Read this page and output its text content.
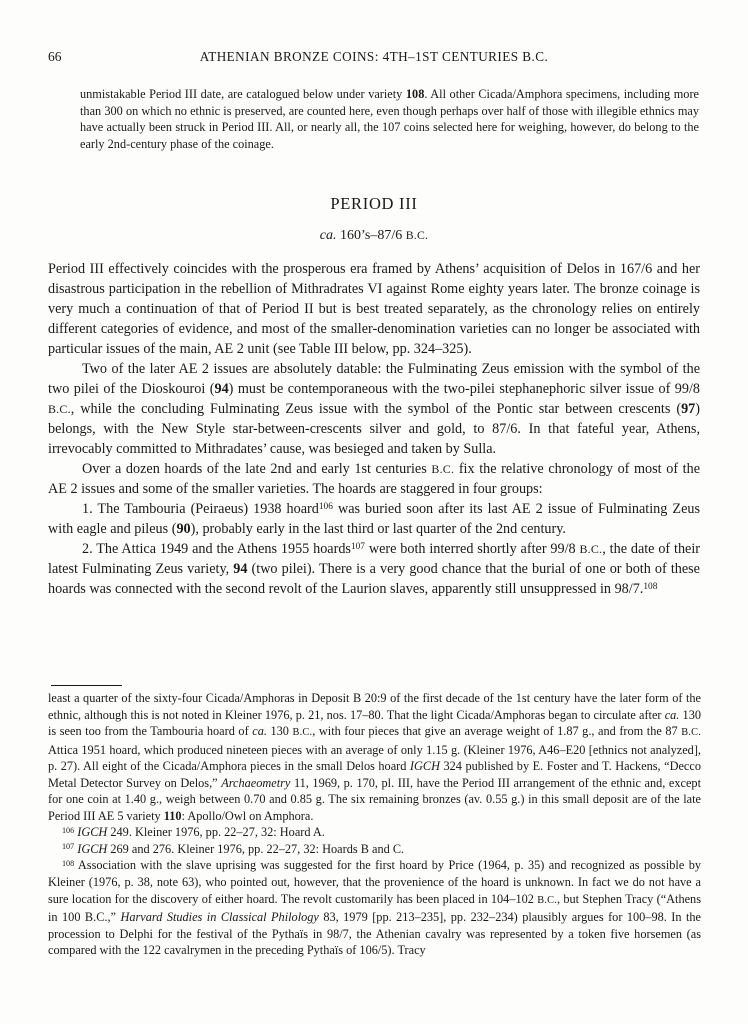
66	ATHENIAN BRONZE COINS: 4TH–1ST CENTURIES B.C.

unmistakable Period III date, are catalogued below under variety 108. All other Cicada/Amphora specimens, including more than 300 on which no ethnic is preserved, are counted here, even though perhaps over half of those with illegible ethnics may have actually been struck in Period III. All, or nearly all, the 107 coins selected here for weighing, however, do belong to the early 2nd-century phase of the coinage.

PERIOD III

ca. 160’s–87/6 B.C.

Period III effectively coincides with the prosperous era framed by Athens’ acquisition of Delos in 167/6 and her disastrous participation in the rebellion of Mithradrates VI against Rome eighty years later. The bronze coinage is very much a continuation of that of Period II but is best treated separately, as the chronology relies on entirely different categories of evidence, and most of the smaller-denomination varieties can no longer be associated with particular issues of the main, AE 2 unit (see Table III below, pp. 324–325).

Two of the later AE 2 issues are absolutely datable: the Fulminating Zeus emission with the symbol of the two pilei of the Dioskouroi (94) must be contemporaneous with the two-pilei stephanephoric silver issue of 99/8 B.C., while the concluding Fulminating Zeus issue with the symbol of the Pontic star between crescents (97) belongs, with the New Style star-between-crescents silver and gold, to 87/6. In that fateful year, Athens, irrevocably committed to Mithradates’ cause, was besieged and taken by Sulla.

Over a dozen hoards of the late 2nd and early 1st centuries B.C. fix the relative chronology of most of the AE 2 issues and some of the smaller varieties. The hoards are staggered in four groups:

1. The Tambouria (Peiraeus) 1938 hoard$^{106}$ was buried soon after its last AE 2 issue of Fulminating Zeus with eagle and pileus (90), probably early in the last third or last quarter of the 2nd century.

2. The Attica 1949 and the Athens 1955 hoards$^{107}$ were both interred shortly after 99/8 B.C., the date of their latest Fulminating Zeus variety, 94 (two pilei). There is a very good chance that the burial of one or both of these hoards was connected with the second revolt of the Laurion slaves, apparently still unsuppressed in 98/7.$^{108}$

least a quarter of the sixty-four Cicada/Amphoras in Deposit B 20:9 of the first decade of the 1st century have the later form of the ethnic, although this is not noted in Kleiner 1976, p. 21, nos. 17–80. That the light Cicada/Amphoras began to circulate after ca. 130 is seen too from the Tambouria hoard of ca. 130 B.C., with four pieces that give an average weight of 1.87 g., and from the 87 B.C. Attica 1951 hoard, which produced nineteen pieces with an average of only 1.15 g. (Kleiner 1976, A46–E20 [ethnics not analyzed], p. 27). All eight of the Cicada/Amphora pieces in the small Delos hoard IGCH 324 published by E. Foster and T. Hackens, “Decco Metal Detector Survey on Delos,” Archaeometry 11, 1969, p. 170, pl. III, have the Period III arrangement of the ethnic and, except for one coin at 1.40 g., weigh between 0.70 and 0.85 g. The six remaining bronzes (av. 0.55 g.) in this small deposit are of the late Period III AE 5 variety 110: Apollo/Owl on Amphora.

$^{106}$ IGCH 249. Kleiner 1976, pp. 22–27, 32: Hoard A.

$^{107}$ IGCH 269 and 276. Kleiner 1976, pp. 22–27, 32: Hoards B and C.

$^{108}$ Association with the slave uprising was suggested for the first hoard by Price (1964, p. 35) and recognized as possible by Kleiner (1976, p. 38, note 63), who pointed out, however, that the provenience of the hoard is unknown. In fact we do not have a sure location for the discovery of either hoard. The revolt customarily has been placed in 104–102 B.C., but Stephen Tracy (“Athens in 100 B.C.,” Harvard Studies in Classical Philology 83, 1979 [pp. 213–235], pp. 232–234) plausibly argues for 100–98. In the procession to Delphi for the festival of the Pythaïs in 98/7, the Athenian cavalry was represented by a token five horsemen (as compared with the 122 cavalrymen in the preceding Pythaïs of 106/5). Tracy
